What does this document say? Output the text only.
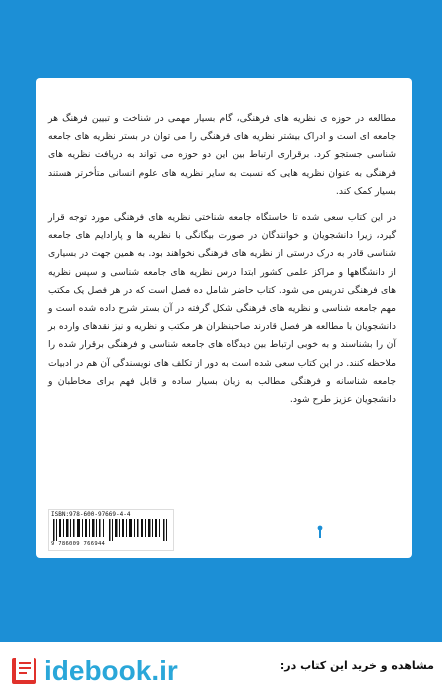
مطالعه در حوزه ی نظریه های فرهنگی، گام بسیار مهمی در شناخت و تبیین فرهنگ هر جامعه ای است و ادراک بیشتر نظریه های فرهنگی را می توان در بستر نظریه های جامعه شناسی جستجو کرد. برقراری ارتباط بین این دو حوزه می تواند به دریافت نظریه های فرهنگی به عنوان نظریه هایی که نسبت به سایر نظریه های علوم انسانی متأخرتر هستند بسیار کمک کند.

در این کتاب سعی شده تا خاستگاه جامعه شناختی نظریه های فرهنگی مورد توجه قرار گیرد، زیرا دانشجویان و خوانندگان در صورت بیگانگی با نظریه ها و پارادایم های جامعه شناسی قادر به درک درستی از نظریه های فرهنگی نخواهند بود. به همین جهت در بسیاری از دانشگاهها و مراکز علمی کشور ابتدا درس نظریه های جامعه شناسی و سپس نظریه های فرهنگی تدریس می شود. کتاب حاضر شامل ده فصل است که در هر فصل یک مکتب مهم جامعه شناسی و نظریه های فرهنگی شکل گرفته در آن بستر شرح داده شده است و دانشجویان با مطالعه هر فصل قادرند صاحبنظران هر مکتب و نظریه و نیز نقدهای وارده بر آن را بشناسند و به خوبی ارتباط بین دیدگاه های جامعه شناسی و فرهنگی برقرار شده را ملاحظه کنند. در این کتاب سعی شده است به دور از تکلف های نویسندگی آن هم در ادبیات جامعه شناسانه و فرهنگی مطالب به زبان بسیار ساده و قابل فهم برای مخاطبان و دانشجویان عزیز طرح شود.

ISBN:978-600-97669-4-4
9 786009 766944
بهمن برنا
idebook.ir	مشاهده و خرید این کتاب در:
